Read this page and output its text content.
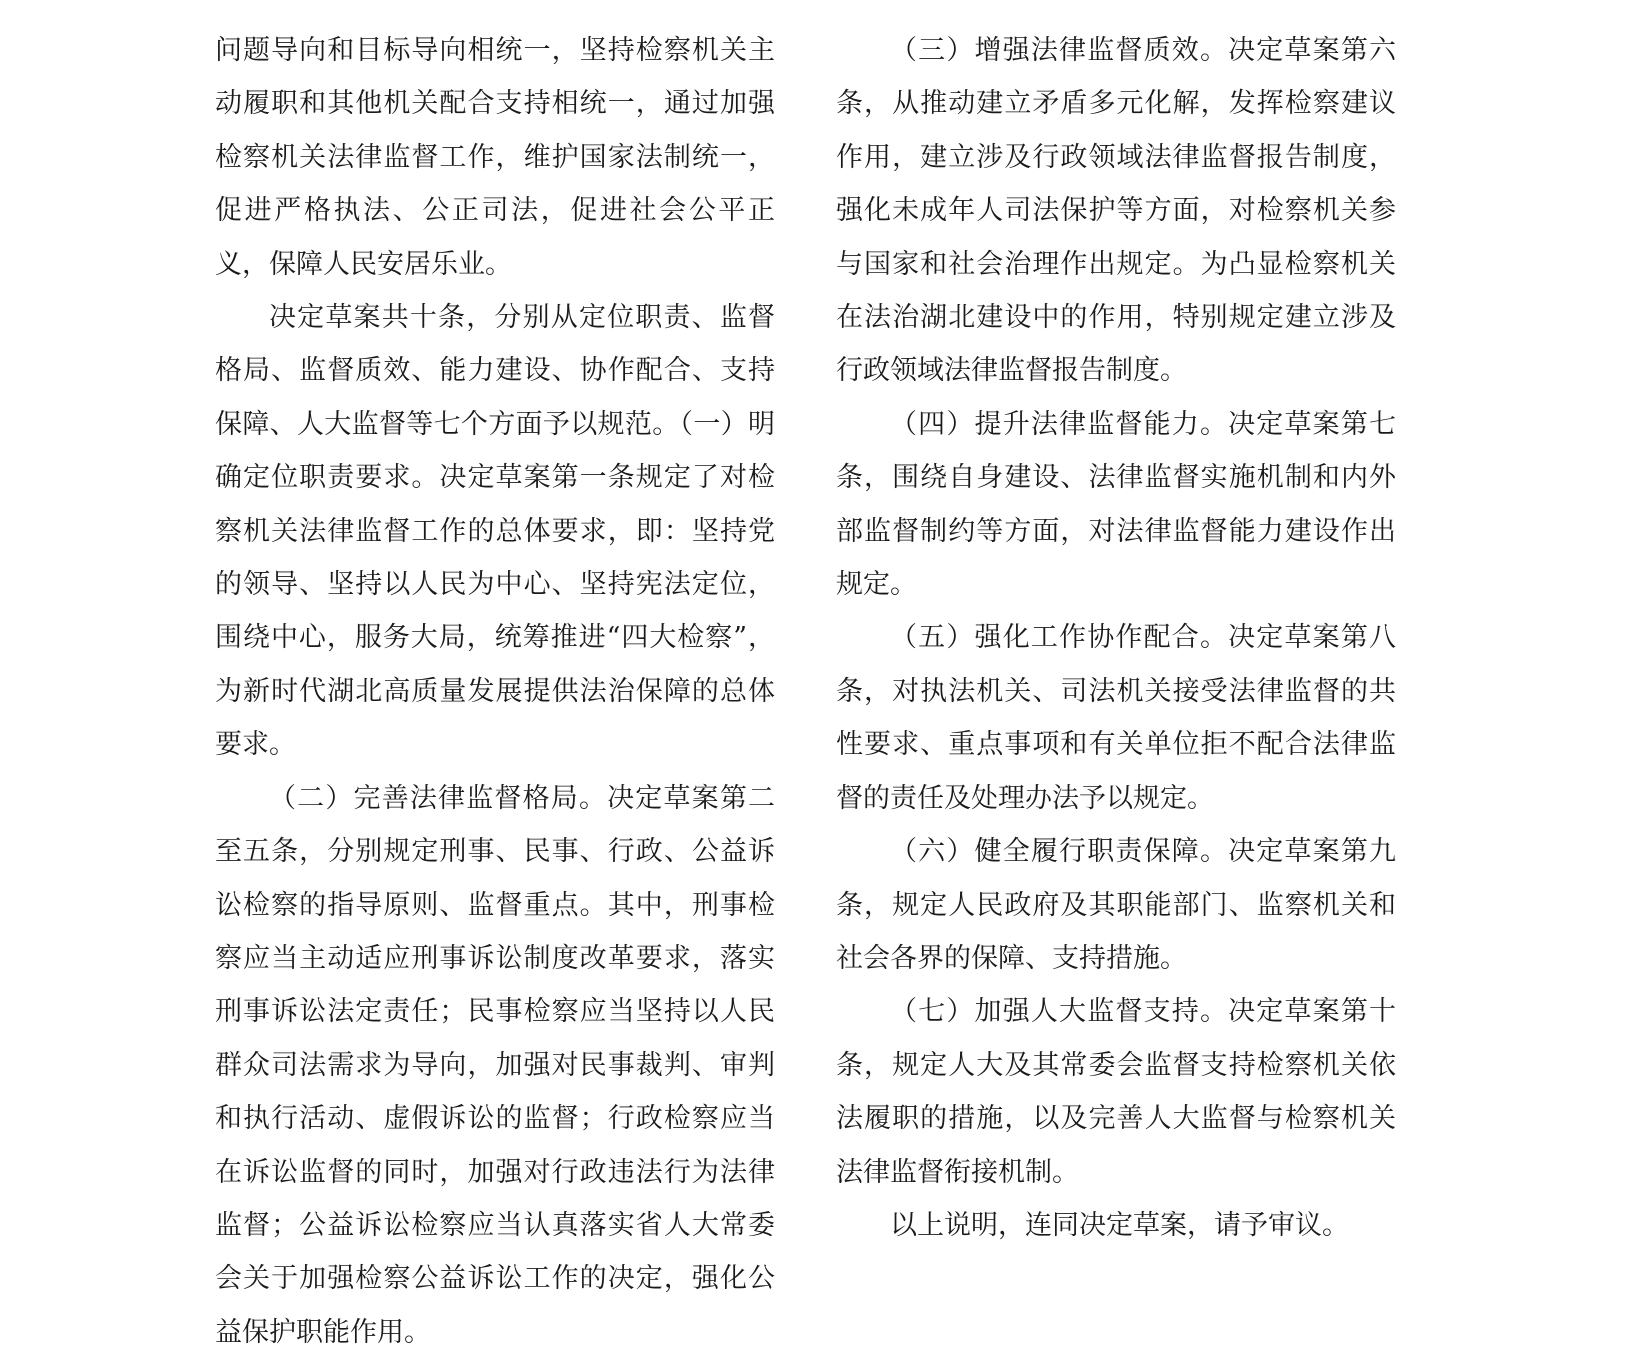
问题导向和目标导向相统一，坚持检察机关主动履职和其他机关配合支持相统一，通过加强检察机关法律监督工作，维护国家法制统一，促进严格执法、公正司法，促进社会公平正义，保障人民安居乐业。

决定草案共十条，分别从定位职责、监督格局、监督质效、能力建设、协作配合、支持保障、人大监督等七个方面予以规范。（一）明确定位职责要求。决定草案第一条规定了对检察机关法律监督工作的总体要求，即：坚持党的领导、坚持以人民为中心、坚持宪法定位，围绕中心，服务大局，统筹推进“四大检察”，为新时代湖北高质量发展提供法治保障的总体要求。

（二）完善法律监督格局。决定草案第二至五条，分别规定刑事、民事、行政、公益诉讼检察的指导原则、监督重点。其中，刑事检察应当主动适应刑事诉讼制度改革要求，落实刑事诉讼法定责任；民事检察应当坚持以人民群众司法需求为导向，加强对民事裁判、审判和执行活动、虚假诉讼的监督；行政检察应当在诉讼监督的同时，加强对行政违法行为法律监督；公益诉讼检察应当认真落实省人大常委会关于加强检察公益诉讼工作的决定，强化公益保护职能作用。

（三）增强法律监督质效。决定草案第六条，从推动建立矛盾多元化解，发挥检察建议作用，建立涉及行政领域法律监督报告制度，强化未成年人司法保护等方面，对检察机关参与国家和社会治理作出规定。为凸显检察机关在法治湖北建设中的作用，特别规定建立涉及行政领域法律监督报告制度。

（四）提升法律监督能力。决定草案第七条，围绕自身建设、法律监督实施机制和内外部监督制约等方面，对法律监督能力建设作出规定。

（五）强化工作协作配合。决定草案第八条，对执法机关、司法机关接受法律监督的共性要求、重点事项和有关单位拒不配合法律监督的责任及处理办法予以规定。

（六）健全履行职责保障。决定草案第九条，规定人民政府及其职能部门、监察机关和社会各界的保障、支持措施。

（七）加强人大监督支持。决定草案第十条，规定人大及其常委会监督支持检察机关依法履职的措施，以及完善人大监督与检察机关法律监督衔接机制。

以上说明，连同决定草案，请予审议。
